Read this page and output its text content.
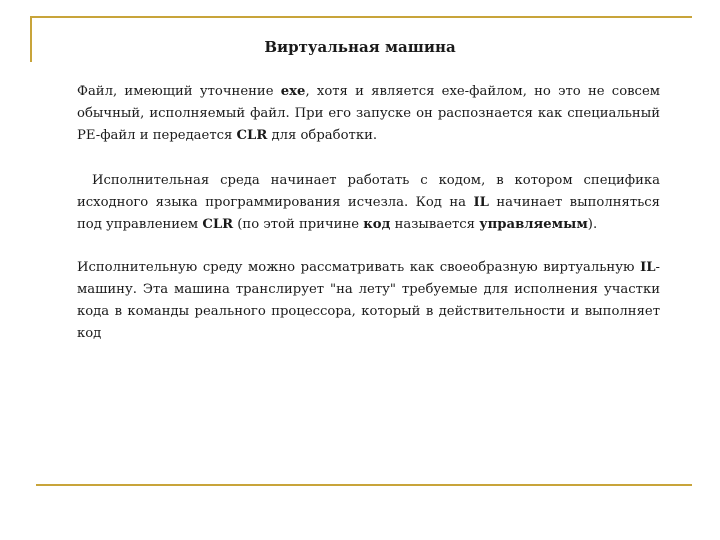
Виртуальная машина

Файл, имеющий уточнение exe, хотя и является exe-файлом, но это не совсем обычный, исполняемый файл. При его запуске он распознается как специальный PE-файл и передается CLR для обработки.

Исполнительная среда начинает работать с кодом, в котором специфика исходного языка программирования исчезла. Код на IL начинает выполняться под управлением CLR (по этой причине код называется управляемым).

Исполнительную среду можно рассматривать как своеобразную виртуальную IL-машину. Эта машина транслирует "на лету" требуемые для исполнения участки кода в команды реального процессора, который в действительности и выполняет код
